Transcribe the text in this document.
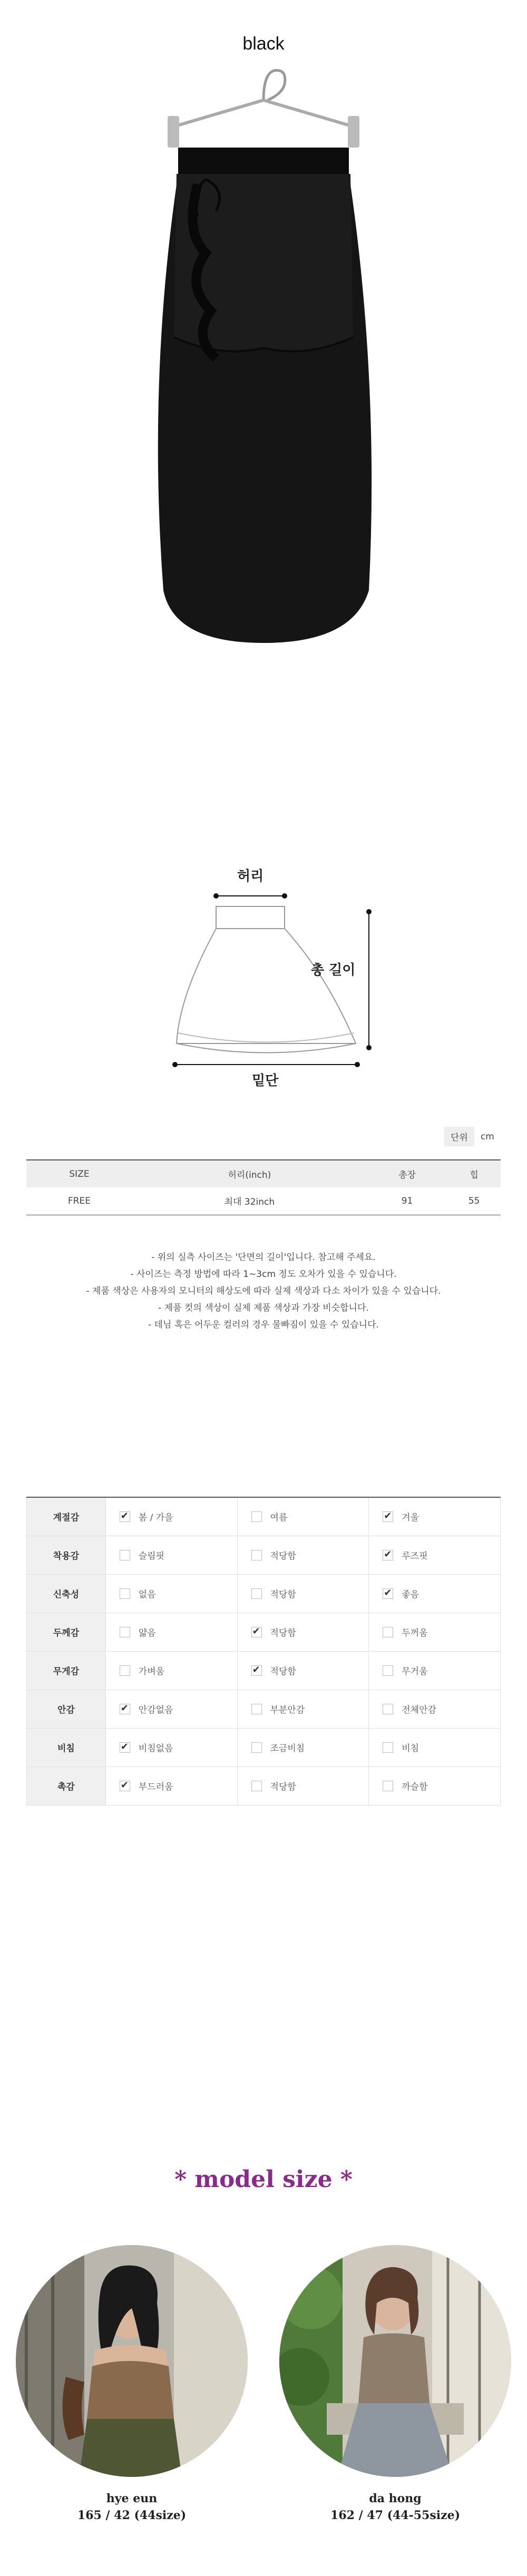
black
허리
총 길이
밑단
단위	cm
SIZE	허리(inch)	총장	힙
FREE	최대 32inch	91	55

- 위의 실측 사이즈는 '단면의 길이'입니다. 참고해 주세요.

- 사이즈는 측정 방법에 따라 1~3cm 정도 오차가 있을 수 있습니다.

- 제품 색상은 사용자의 모니터의 해상도에 따라 실제 색상과 다소 차이가 있을 수 있습니다.

- 제품 컷의 색상이 실제 제품 색상과 가장 비슷합니다.

- 데님 혹은 어두운 컬러의 경우 물빠짐이 있을 수 있습니다.

계절감	✔봄 / 가을	여름	✔겨울
착용감	슬림핏	적당함	✔루즈핏
신축성	없음	적당함	✔좋음
두께감	얇음	✔적당함	두꺼움
무게감	가벼움	✔적당함	무거움
안감	✔안감없음	부분안감	전체안감
비침	✔비침없음	조금비침	비침
촉감	✔부드러움	적당함	까슬함
* model size *
hye eun
165 / 42 (44size)
da hong
162 / 47 (44-55size)
